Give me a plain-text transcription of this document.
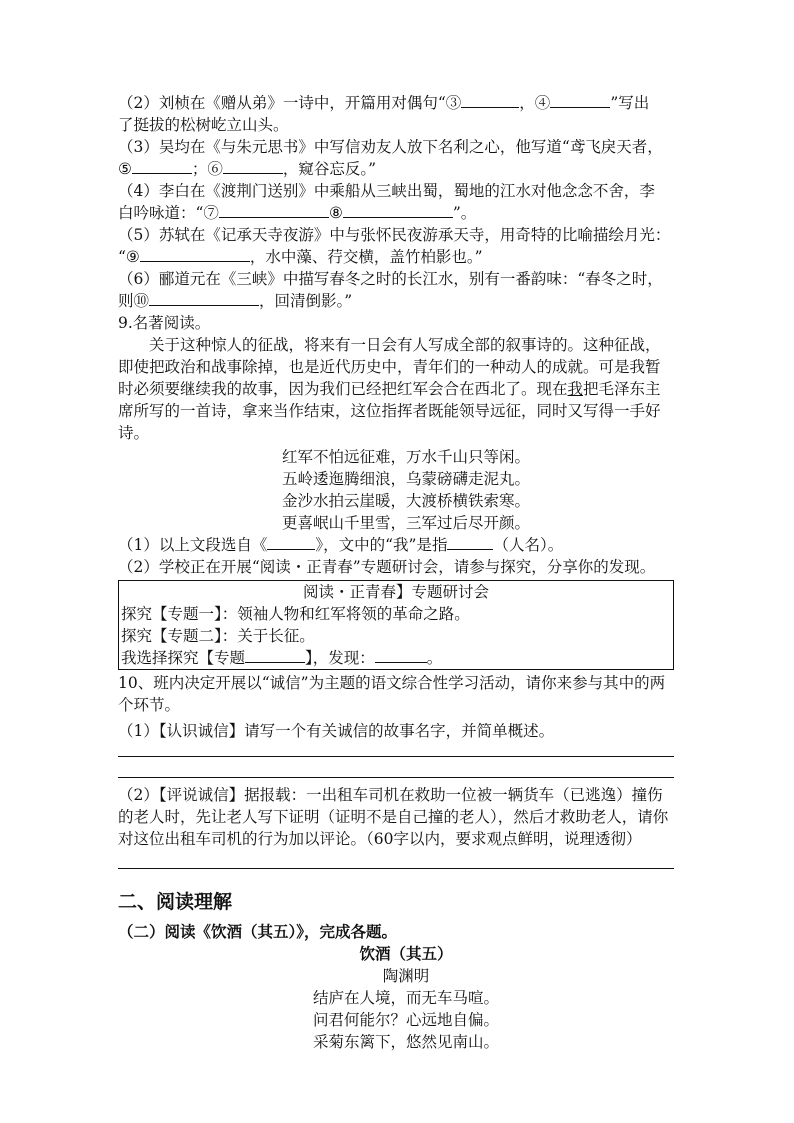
（2）刘桢在《赠从弟》一诗中，开篇用对偶句“③	，④	”写出
了挺拔的松树屹立山头。
（3）吴均在《与朱元思书》中写信劝友人放下名利之心，他写道“鸢飞戾天者，
⑤	；⑥	，窥谷忘反。”
（4）李白在《渡荆门送别》中乘船从三峡出蜀，蜀地的江水对他念念不舍，李
白吟咏道：“⑦	⑧	”。
（5）苏轼在《记承天寺夜游》中与张怀民夜游承天寺，用奇特的比喻描绘月光：
“⑨	，水中藻、荇交横，盖竹柏影也。”
（6）郦道元在《三峡》中描写春冬之时的长江水，别有一番韵味：“春冬之时，
则⑩	，回清倒影。”
9.名著阅读。
关于这种惊人的征战，将来有一日会有人写成全部的叙事诗的。这种征战，即使把政治和战事除掉，也是近代历史中，青年们的一种动人的成就。可是我暂时必须要继续我的故事，因为我们已经把红军会合在西北了。现在我把毛泽东主席所写的一首诗，拿来当作结束，这位指挥者既能领导远征，同时又写得一手好诗。
红军不怕远征难，万水千山只等闲。
五岭逶迤腾细浪，乌蒙磅礴走泥丸。
金沙水拍云崖暖，大渡桥横铁索寒。
更喜岷山千里雪，三军过后尽开颜。
（1）以上文段选自《	》，文中的“我”是指	（人名）。
（2）学校正在开展“阅读・正青春”专题研讨会，请参与探究，分享你的发现。
阅读・正青春】专题研讨会
探究【专题一】：领袖人物和红军将领的革命之路。
探究【专题二】：关于长征。
我选择探究【专题	】，发现：	。
10、班内决定开展以“诚信”为主题的语文综合性学习活动，请你来参与其中的两个环节。
（1）【认识诚信】请写一个有关诚信的故事名字，并简单概述。
（2）【评说诚信】据报载：一出租车司机在救助一位被一辆货车（已逃逸）撞伤的老人时，先让老人写下证明（证明不是自己撞的老人），然后才救助老人，请你对这位出租车司机的行为加以评论。（60字以内，要求观点鲜明，说理透彻）
二、阅读理解
（二）阅读《饮酒（其五）》，完成各题。
饮酒（其五）
陶渊明
结庐在人境，而无车马喧。
问君何能尔？心远地自偏。
采菊东篱下，悠然见南山。
